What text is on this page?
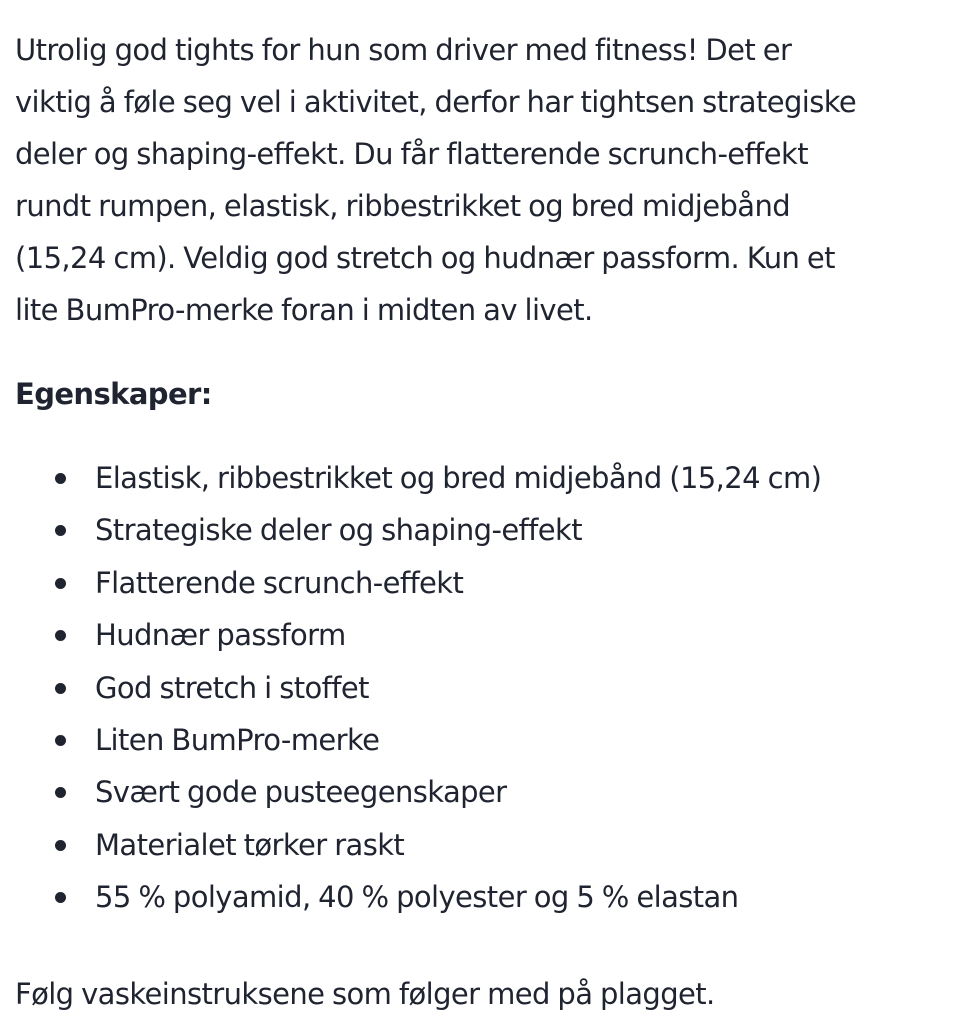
Utrolig god tights for hun som driver med fitness! Det er
viktig å føle seg vel i aktivitet, derfor har tightsen strategiske
deler og shaping-effekt. Du får flatterende scrunch-effekt
rundt rumpen, elastisk, ribbestrikket og bred midjebånd
(15,24 cm). Veldig god stretch og hudnær passform. Kun et
lite BumPro-merke foran i midten av livet.

Egenskaper:
Elastisk, ribbestrikket og bred midjebånd (15,24 cm)
Strategiske deler og shaping-effekt
Flatterende scrunch-effekt
Hudnær passform
God stretch i stoffet
Liten BumPro-merke
Svært gode pusteegenskaper
Materialet tørker raskt
55 % polyamid, 40 % polyester og 5 % elastan

Følg vaskeinstruksene som følger med på plagget.
